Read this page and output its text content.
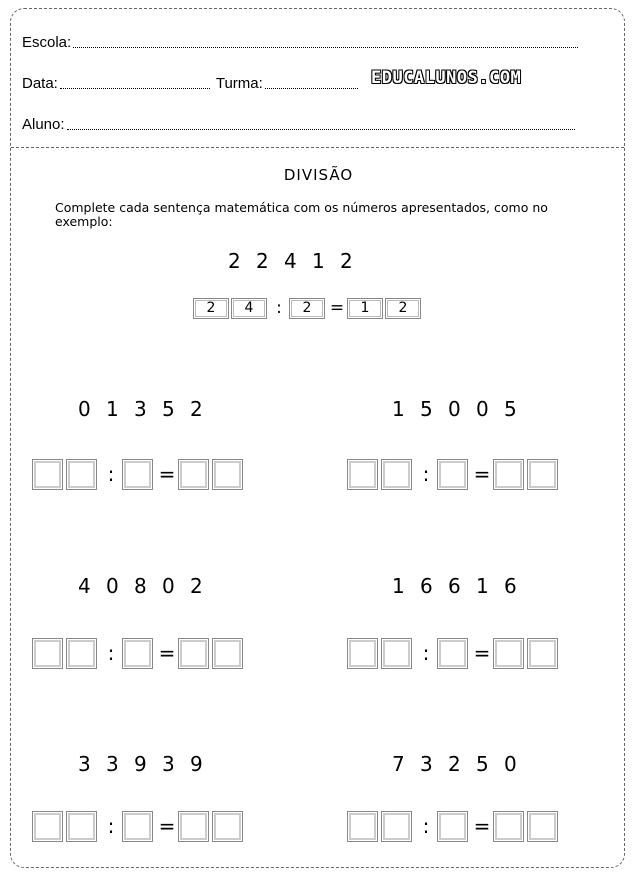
Escola:
Data:	Turma:	EDUCALUNOS.COM
Aluno:
DIVISÃO
Complete cada sentença matemática com os números apresentados, como no exemplo:
2 2 4 1 2
2	4	:	2	=	1	2
0 1 3 5 2
:	=
1 5 0 0 5
:	=
4 0 8 0 2
:	=
1 6 6 1 6
:	=
3 3 9 3 9
:	=
7 3 2 5 0
:	=
